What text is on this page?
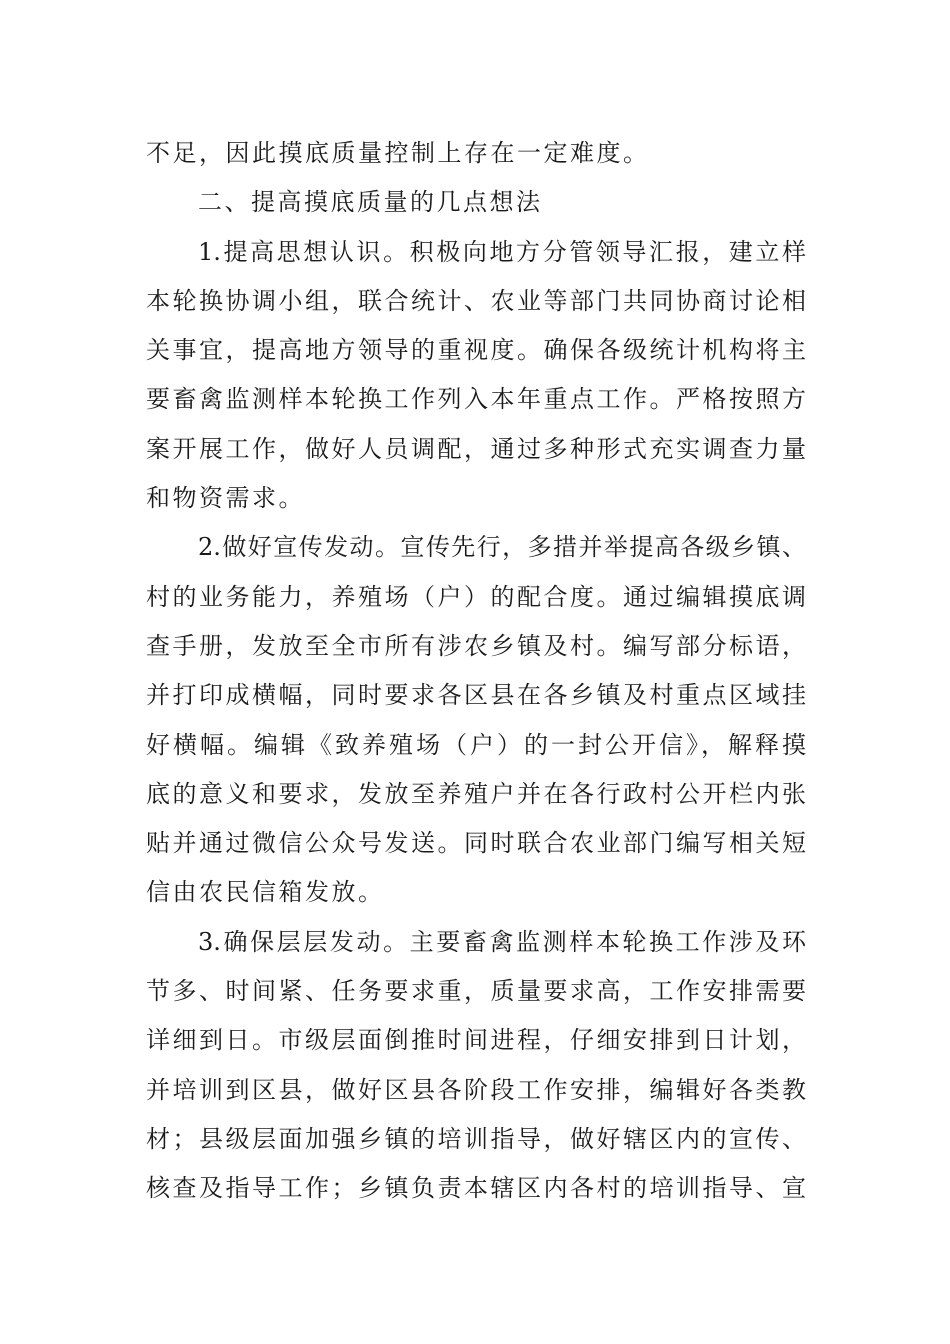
不足，因此摸底质量控制上存在一定难度。
二、提高摸底质量的几点想法
1.提高思想认识。积极向地方分管领导汇报，建立样
本轮换协调小组，联合统计、农业等部门共同协商讨论相
关事宜，提高地方领导的重视度。确保各级统计机构将主
要畜禽监测样本轮换工作列入本年重点工作。严格按照方
案开展工作，做好人员调配，通过多种形式充实调查力量
和物资需求。
2.做好宣传发动。宣传先行，多措并举提高各级乡镇、
村的业务能力，养殖场（户）的配合度。通过编辑摸底调
查手册，发放至全市所有涉农乡镇及村。编写部分标语，
并打印成横幅，同时要求各区县在各乡镇及村重点区域挂
好横幅。编辑《致养殖场（户）的一封公开信》，解释摸
底的意义和要求，发放至养殖户并在各行政村公开栏内张
贴并通过微信公众号发送。同时联合农业部门编写相关短
信由农民信箱发放。
3.确保层层发动。主要畜禽监测样本轮换工作涉及环
节多、时间紧、任务要求重，质量要求高，工作安排需要
详细到日。市级层面倒推时间进程，仔细安排到日计划，
并培训到区县，做好区县各阶段工作安排，编辑好各类教
材；县级层面加强乡镇的培训指导，做好辖区内的宣传、
核查及指导工作；乡镇负责本辖区内各村的培训指导、宣
